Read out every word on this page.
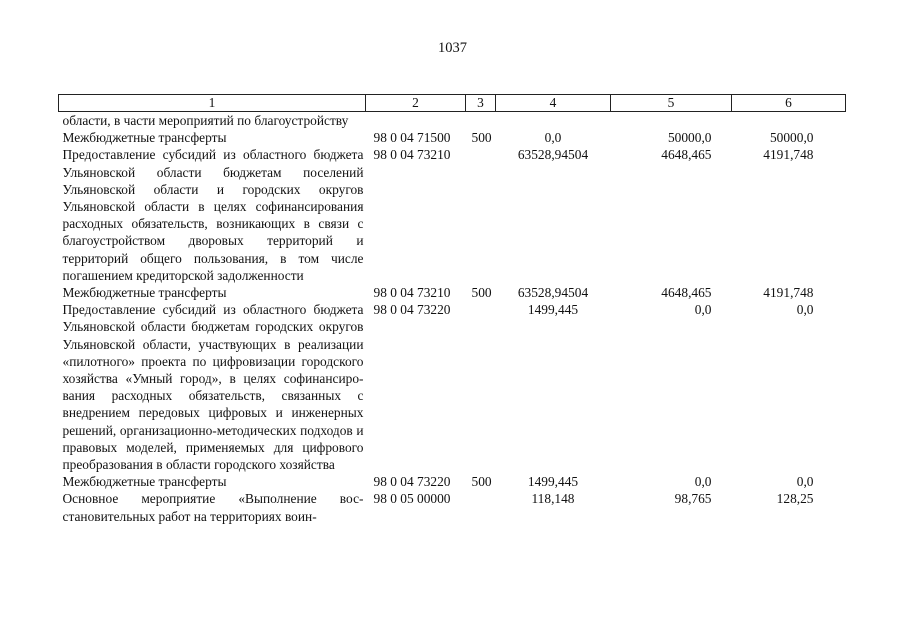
1037
1	2	3	4	5	6
области, в части мероприятий по благоустройству					
Межбюджетные трансферты	98 0 04 71500	500	0,0	50000,0	50000,0
Предоставление субсидий из областного бюджета Ульяновской области бюджетам поселений Ульяновской области и городских округов Ульяновской области в целях софинансирования расходных обязательств, возникающих в связи с благоустройством дворовых территорий и территорий общего пользования, в том числе погашением кредиторской задолженности	98 0 04 73210		63528,94504	4648,465	4191,748
Межбюджетные трансферты	98 0 04 73210	500	63528,94504	4648,465	4191,748
Предоставление субсидий из областного бюджета Ульяновской области бюджетам городских округов Ульяновской области, участвующих в реализации «пилотного» проекта по цифровизации городского хозяйства «Умный город», в целях софинансирования расходных обязательств, связанных с внедрением передовых цифровых и инженерных решений, организационно-методических подходов и правовых моделей, применяемых для цифрового преобразования в области городского хозяйства	98 0 04 73220		1499,445	0,0	0,0
Межбюджетные трансферты	98 0 04 73220	500	1499,445	0,0	0,0
Основное мероприятие «Выполнение восстановительных работ на территориях воин-	98 0 05 00000		118,148	98,765	128,25
